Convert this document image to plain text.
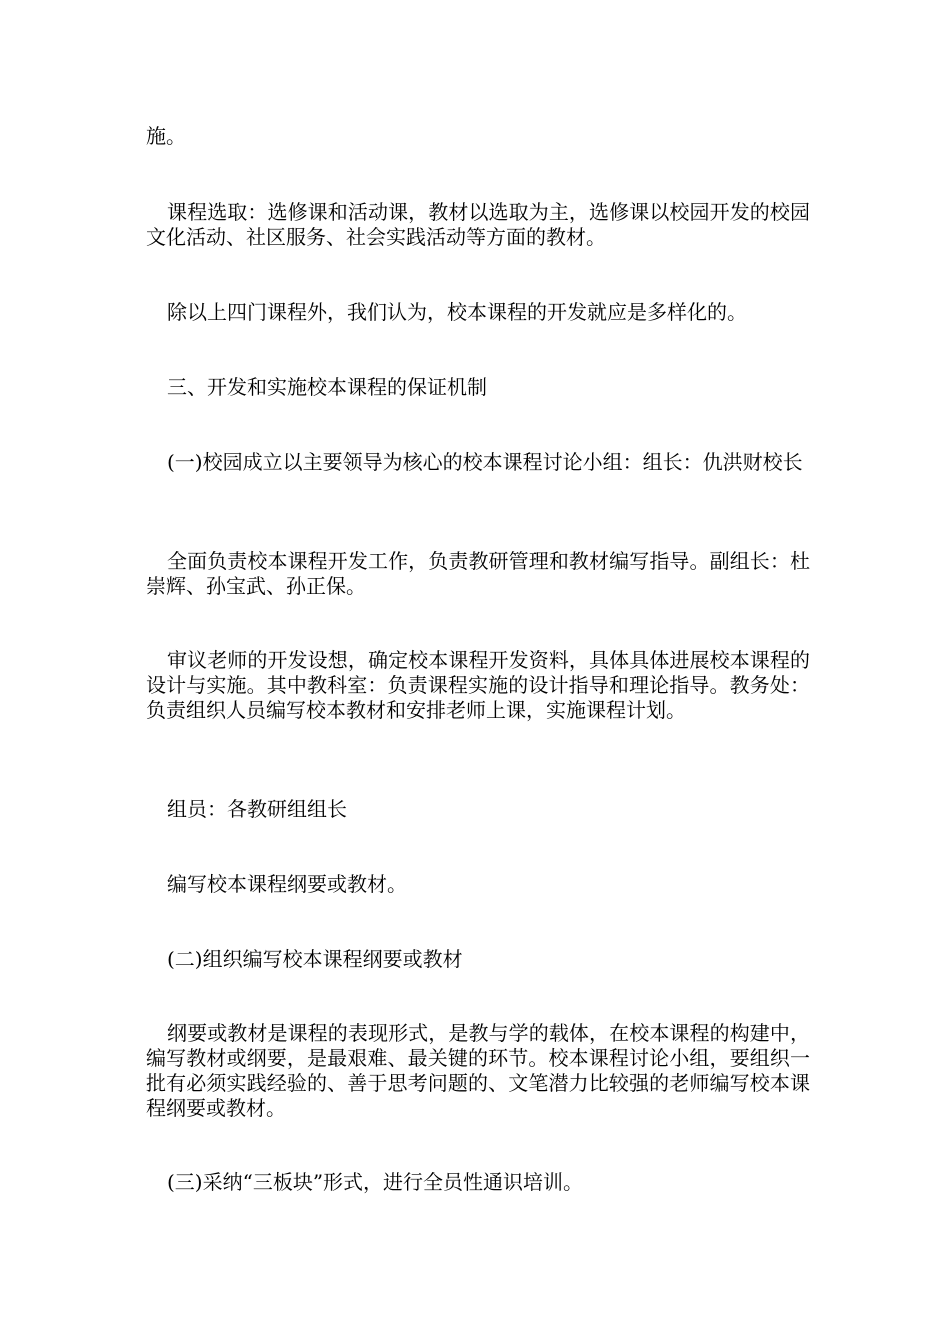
施。

课程选取：选修课和活动课，教材以选取为主，选修课以校园开发的校园文化活动、社区服务、社会实践活动等方面的教材。

除以上四门课程外，我们认为，校本课程的开发就应是多样化的。

三、开发和实施校本课程的保证机制

(一)校园成立以主要领导为核心的校本课程讨论小组：组长：仇洪财校长

全面负责校本课程开发工作，负责教研管理和教材编写指导。副组长：杜崇辉、孙宝武、孙正保。

审议老师的开发设想，确定校本课程开发资料，具体具体进展校本课程的设计与实施。其中教科室：负责课程实施的设计指导和理论指导。教务处：负责组织人员编写校本教材和安排老师上课，实施课程计划。

组员：各教研组组长

编写校本课程纲要或教材。

(二)组织编写校本课程纲要或教材

纲要或教材是课程的表现形式，是教与学的载体，在校本课程的构建中，编写教材或纲要，是最艰难、最关键的环节。校本课程讨论小组，要组织一批有必须实践经验的、善于思考问题的、文笔潜力比较强的老师编写校本课程纲要或教材。

(三)采纳“三板块”形式，进行全员性通识培训。
